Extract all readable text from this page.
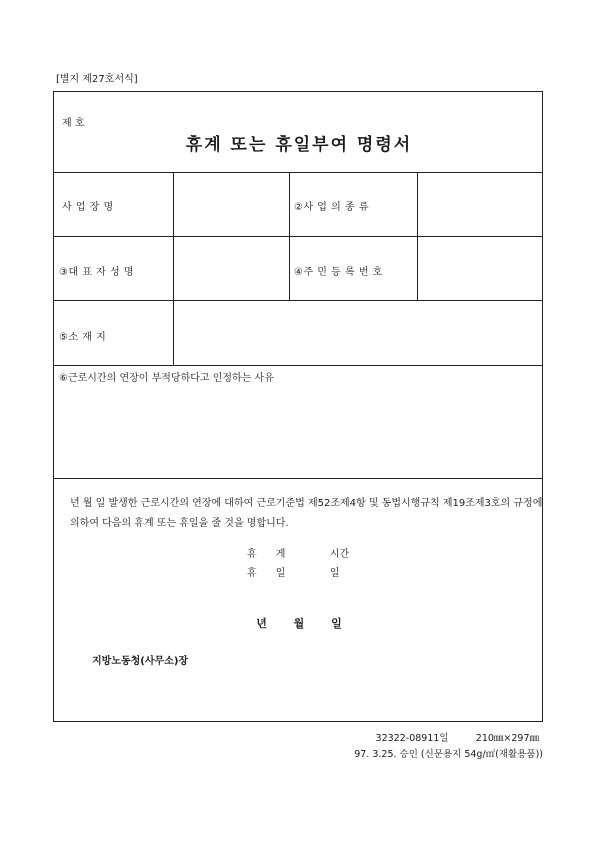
[별지 제27호서식]
제 호
휴계 또는 휴일부여 명령서
사 업 장 명	②사 업 의 종 류
③대 표 자 성 명	④주 민 등 록 번 호
⑤소 재 지
⑥근로시간의 연장이 부적당하다고 인정하는 사유
년 월 일 발생한 근로시간의 연장에 대하여 근로기준법 제52조제4항 및 동법시행규칙 제19조제3호의 규정에 의하여 다음의 휴계 또는 휴일을 줄 것을 명합니다.
휴      게              시간
휴      일              일
년       월       일
지방노동청(사무소)장
32322-08911일         210㎜×297㎜
97. 3.25. 승인 (신문용지 54g/㎡(재활용품))
